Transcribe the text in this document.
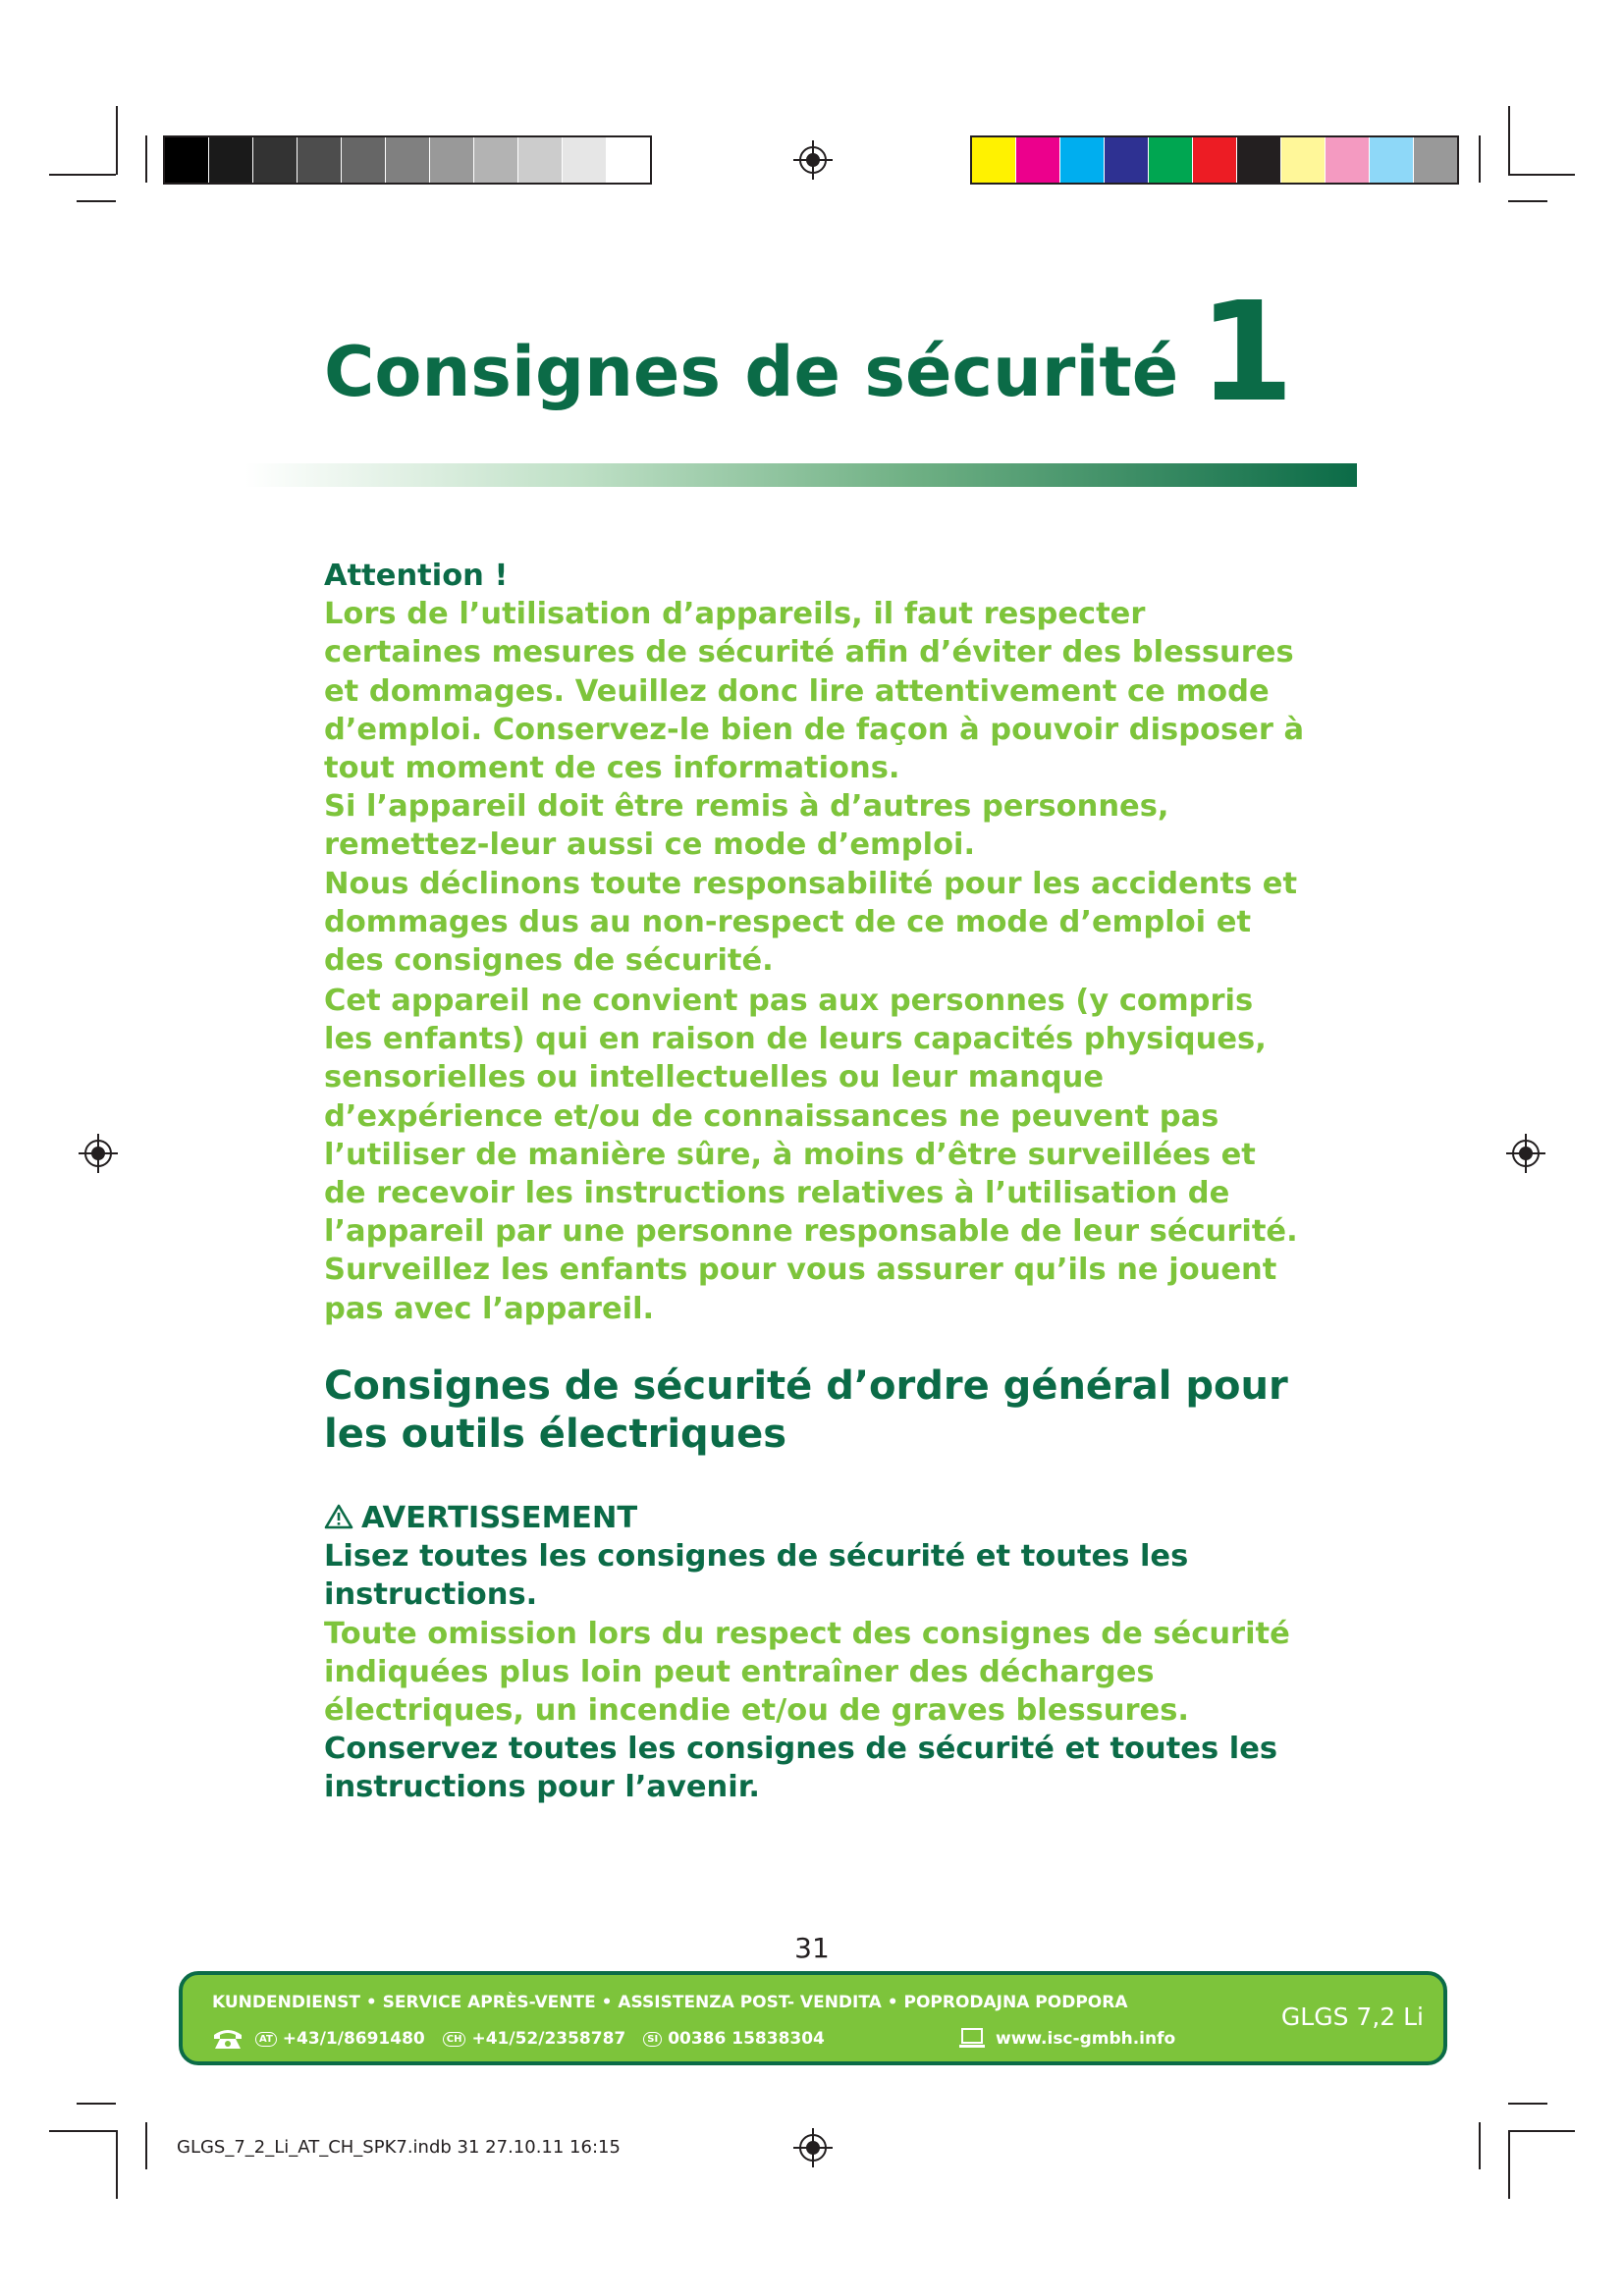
Consignes de sécurité 1
Attention !
Lors de l’utilisation d’appareils, il faut respecter certaines mesures de sécurité afin d’éviter des blessures et dommages. Veuillez donc lire attentivement ce mode d’emploi. Conservez-le bien de façon à pouvoir disposer à tout moment de ces informations.
Si l’appareil doit être remis à d’autres personnes, remettez-leur aussi ce mode d’emploi.
Nous déclinons toute responsabilité pour les accidents et dommages dus au non-respect de ce mode d’emploi et des consignes de sécurité.
Cet appareil ne convient pas aux personnes (y compris les enfants) qui en raison de leurs capacités physiques, sensorielles ou intellectuelles ou leur manque d’expérience et/ou de connaissances ne peuvent pas l’utiliser de manière sûre, à moins d’être surveillées et de recevoir les instructions relatives à l’utilisation de l’appareil par une personne responsable de leur sécurité. Surveillez les enfants pour vous assurer qu’ils ne jouent pas avec l’appareil.
Consignes de sécurité d’ordre général pour les outils électriques
AVERTISSEMENT
Lisez toutes les consignes de sécurité et toutes les instructions.
Toute omission lors du respect des consignes de sécurité indiquées plus loin peut entraîner des décharges électriques, un incendie et/ou de graves blessures.
Conservez toutes les consignes de sécurité et toutes les instructions pour l’avenir.

31

KUNDENDIENST • SERVICE APRÈS-VENTE • ASSISTENZA POST- VENDITA • POPRODAJNA PODPORA

AT +43/1/8691480	CH +41/52/2358787	SI 00386 15838304	www.isc-gmbh.info

GLGS 7,2 Li

GLGS_7_2_Li_AT_CH_SPK7.indb 31 27.10.11 16:15
